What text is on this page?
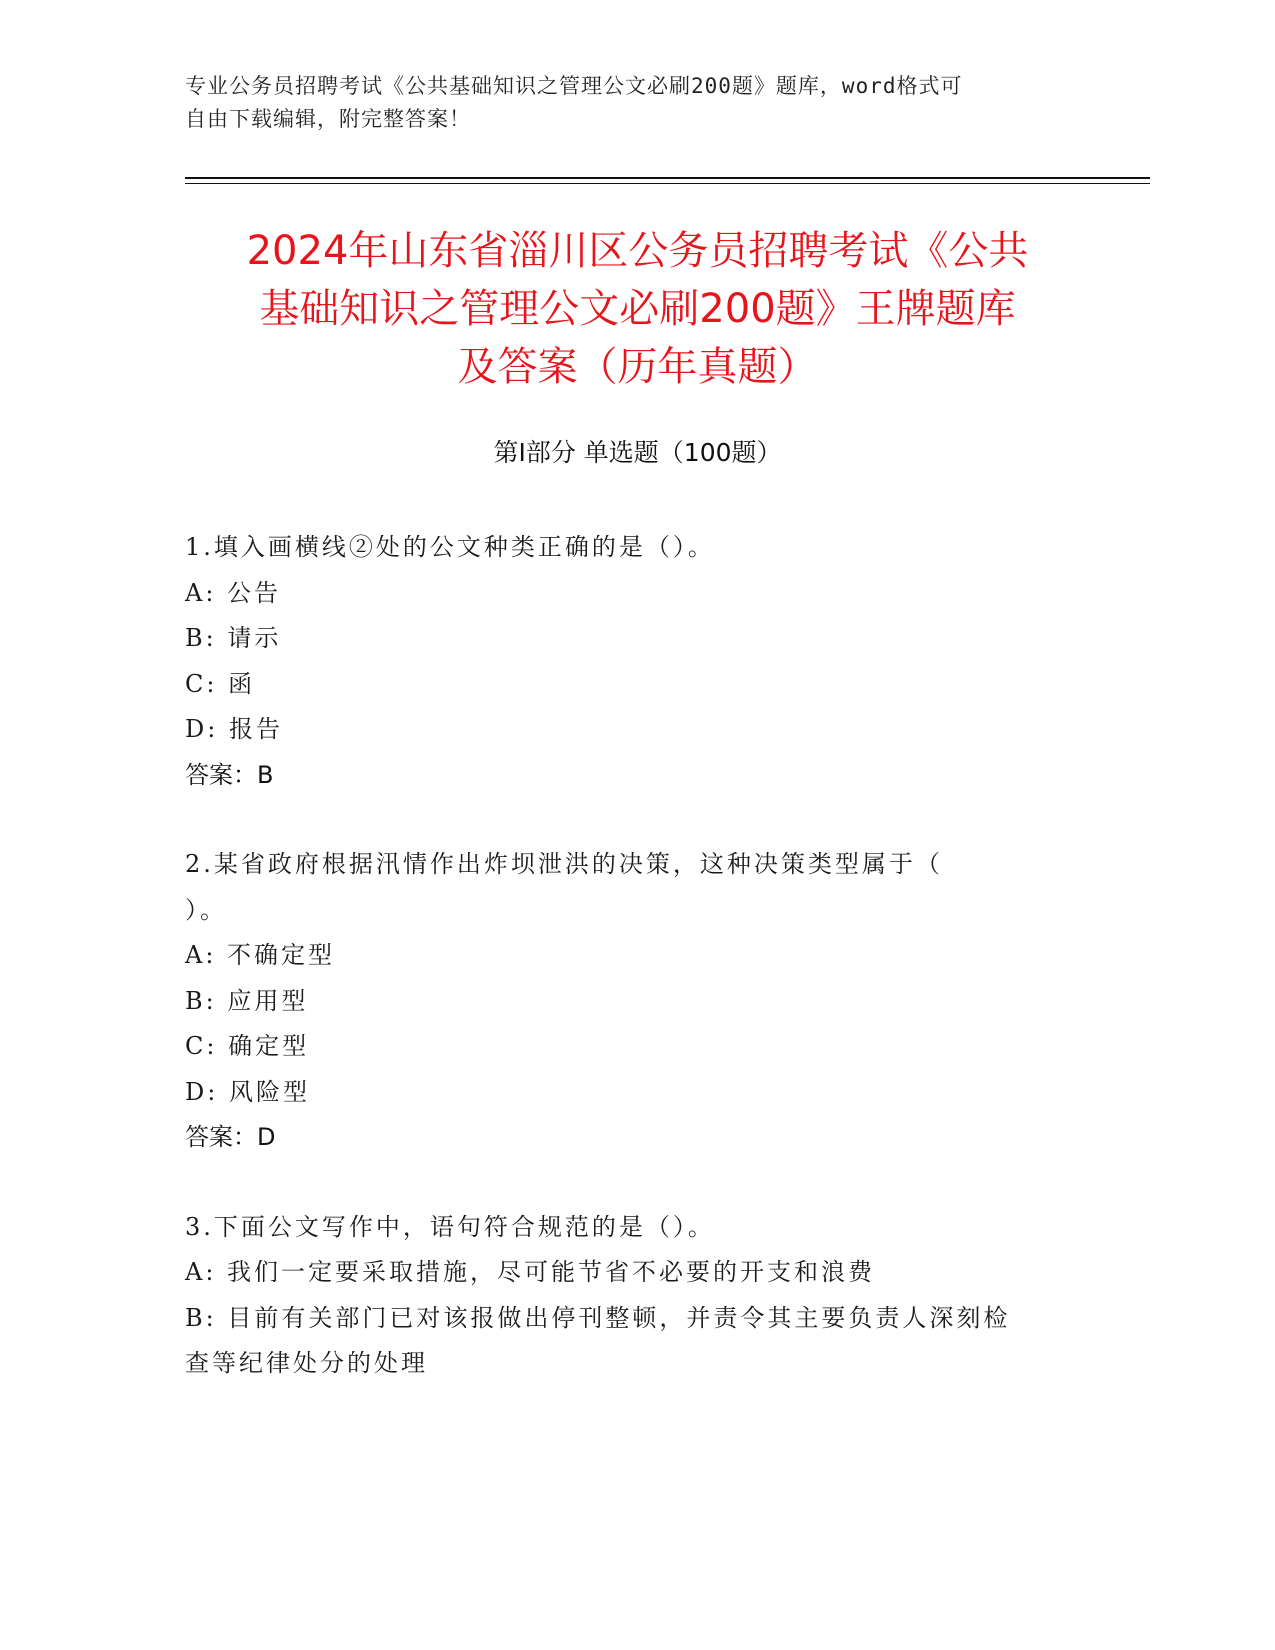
专业公务员招聘考试《公共基础知识之管理公文必刷200题》题库，word格式可
自由下载编辑，附完整答案！
2024年山东省淄川区公务员招聘考试《公共
基础知识之管理公文必刷200题》王牌题库
及答案（历年真题）
第Ⅰ部分 单选题（100题）
1.填入画横线②处的公文种类正确的是（）。
A: 公告
B: 请示
C: 函
D: 报告
答案：B
2.某省政府根据汛情作出炸坝泄洪的决策，这种决策类型属于（
）。
A: 不确定型
B: 应用型
C: 确定型
D: 风险型
答案：D
3.下面公文写作中，语句符合规范的是（）。
A: 我们一定要采取措施，尽可能节省不必要的开支和浪费
B: 目前有关部门已对该报做出停刊整顿，并责令其主要负责人深刻检
查等纪律处分的处理
